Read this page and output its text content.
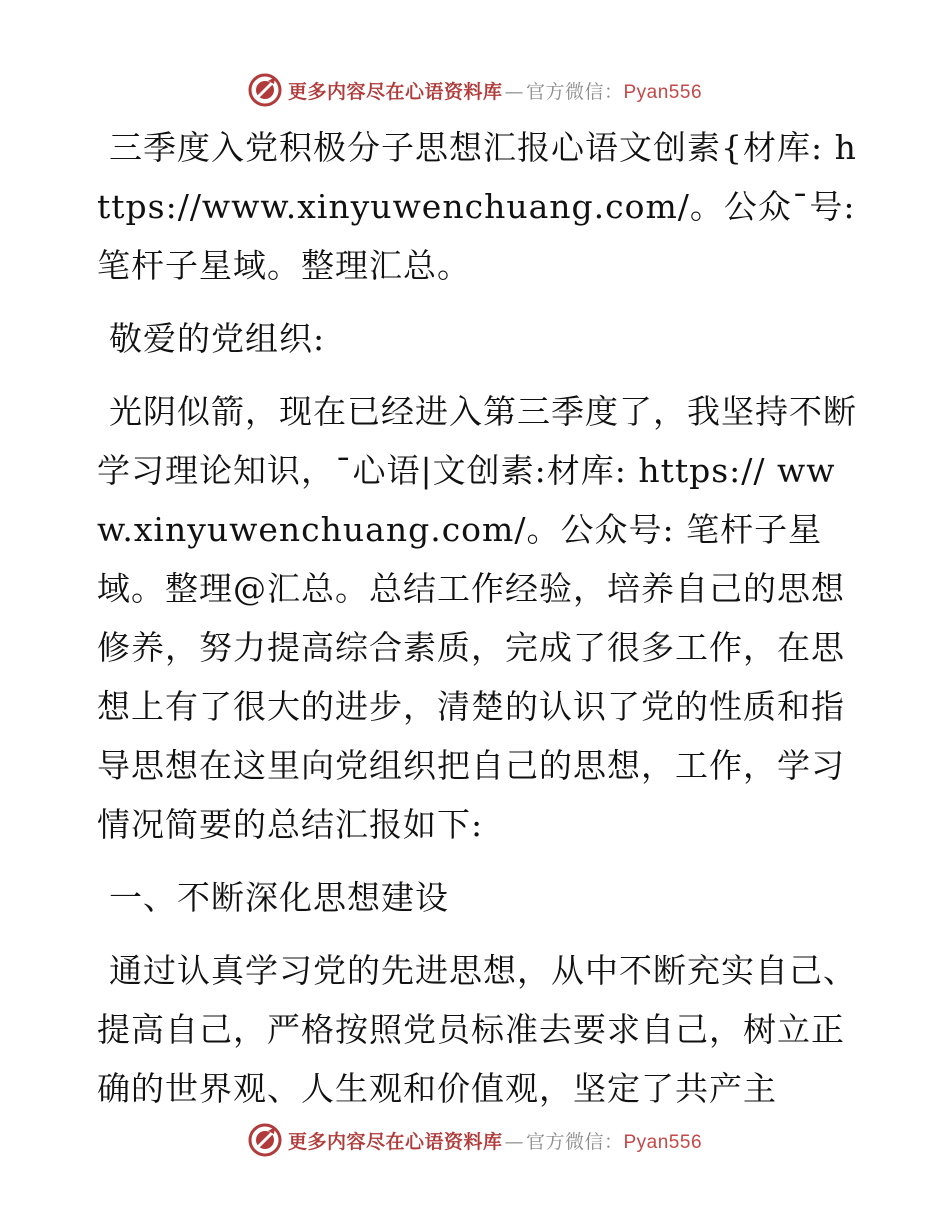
更多内容尽在心语资料库 — 官方微信：Pyan556

三季度入党积极分子思想汇报心语文创素{材库: https://www.xinyuwenchuang.com/。公众¯号: 笔杆子星域。整理汇总。

敬爱的党组织:

光阴似箭，现在已经进入第三季度了，我坚持不断学习理论知识，¯心语|文创素:材库: https:// www.xinyuwenchuang.com/。公众号: 笔杆子星域。整理@汇总。总结工作经验，培养自己的思想修养，努力提高综合素质，完成了很多工作，在思想上有了很大的进步，清楚的认识了党的性质和指导思想在这里向党组织把自己的思想，工作，学习情况简要的总结汇报如下:

一、不断深化思想建设

通过认真学习党的先进思想，从中不断充实自己、提高自己，严格按照党员标准去要求自己，树立正确的世界观、人生观和价值观，坚定了共产主

更多内容尽在心语资料库 — 官方微信：Pyan556
